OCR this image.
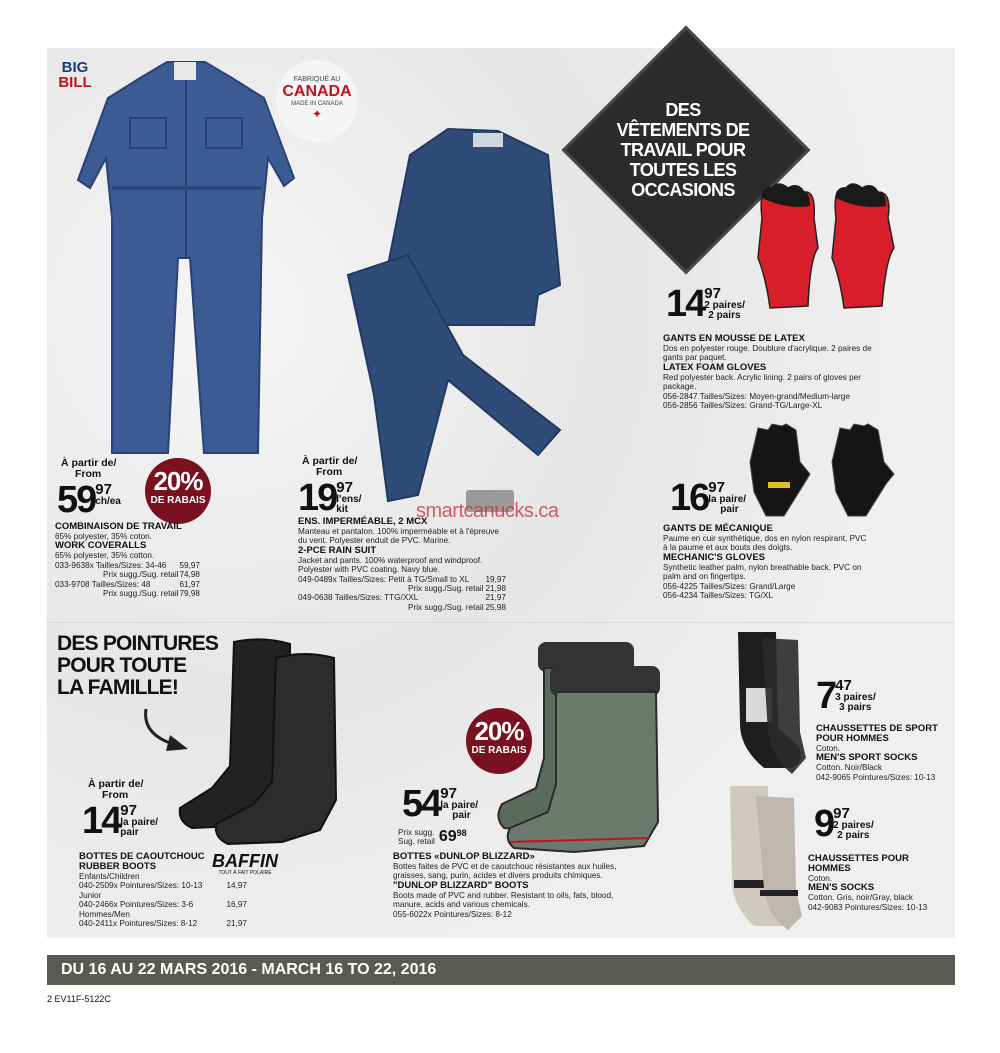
BIG
BILL	FABRIQUÉ AU
CANADA
MADE IN CANADA
✦	DES
VÊTEMENTS DE
TRAVAIL POUR
TOUTES LES
OCCASIONS
À partir de/
From
59 97
ch/ea
20%
DE RABAIS
COMBINAISON DE TRAVAIL
65% polyester, 35% coton.
WORK COVERALLS
65% polyester, 35% cotton.
033-9638x Tailles/Sizes: 34-46 59,97
Prix sugg./Sug. retail 74,98
033-9708 Tailles/Sizes: 48	61,97
Prix sugg./Sug. retail 79,98
À partir de/
From
19 97
l'ens/
kit	smartcanucks.ca
ENS. IMPERMÉABLE, 2 MCX
Manteau et pantalon. 100% imperméable et à l'épreuve du vent. Polyester enduit de PVC. Marine.
2-PCE RAIN SUIT
Jacket and pants. 100% waterproof and windproof. Polyester with PVC coating. Navy blue.
049-0489x Tailles/Sizes: Petit à TG/Small to XL 19,97
Prix sugg./Sug. retail 21,98
049-0638 Tailles/Sizes: TTG/XXL	21,97
Prix sugg./Sug. retail 25,98
14 97
2 paires/
2 pairs
GANTS EN MOUSSE DE LATEX
Dos en polyester rouge. Doublure d'acrylique. 2 paires de gants par paquet.
LATEX FOAM GLOVES
Red polyester back. Acrylic lining. 2 pairs of gloves per package.
056-2847 Tailles/Sizes: Moyen-grand/Medium-large
056-2856 Tailles/Sizes: Grand-TG/Large-XL
16 97
la paire/
pair
GANTS DE MÉCANIQUE
Paume en cuir synthétique, dos en nylon respirant, PVC à la paume et aux bouts des doigts.
MECHANIC'S GLOVES
Synthetic leather palm, nylon breathable back. PVC on palm and on fingertips.
056-4225 Tailles/Sizes: Grand/Large
056-4234 Tailles/Sizes: TG/XL
DES POINTURES
POUR TOUTE
LA FAMILLE!
À partir de/
From
14 97
la paire/
pair
BAFFIN
TOUT À FAIT POLAIRE
BOTTES DE CAOUTCHOUC
RUBBER BOOTS
Enfants/Children
040-2509x Pointures/Sizes: 10-13	14,97
Junior
040-2466x Pointures/Sizes: 3-6	16,97
Hommes/Men
040-2411x Pointures/Sizes: 8-12	21,97
20%
DE RABAIS
54 97
la paire/
pair
Prix sugg.
Sug. retail 69 98
BOTTES «DUNLOP BLIZZARD»
Bottes faites de PVC et de caoutchouc résistantes aux huiles, graisses, sang, purin, acides et divers produits chimiques.
"DUNLOP BLIZZARD" BOOTS
Boots made of PVC and rubber. Resistant to oils, fats, blood, manure, acids and various chemicals.
055-6022x Pointures/Sizes: 8-12
7 47
3 paires/
3 pairs
CHAUSSETTES DE SPORT POUR HOMMES
Coton.
MEN'S SPORT SOCKS
Cotton. Noir/Black
042-9065 Pointures/Sizes: 10-13
9 97
2 paires/
2 pairs
CHAUSSETTES POUR HOMMES
Coton.
MEN'S SOCKS
Cotton. Gris, noir/Gray, black
042-9083 Pointures/Sizes: 10-13
DU 16 AU 22 MARS 2016 - MARCH 16 TO 22, 2016
2 EV11F-5122C
